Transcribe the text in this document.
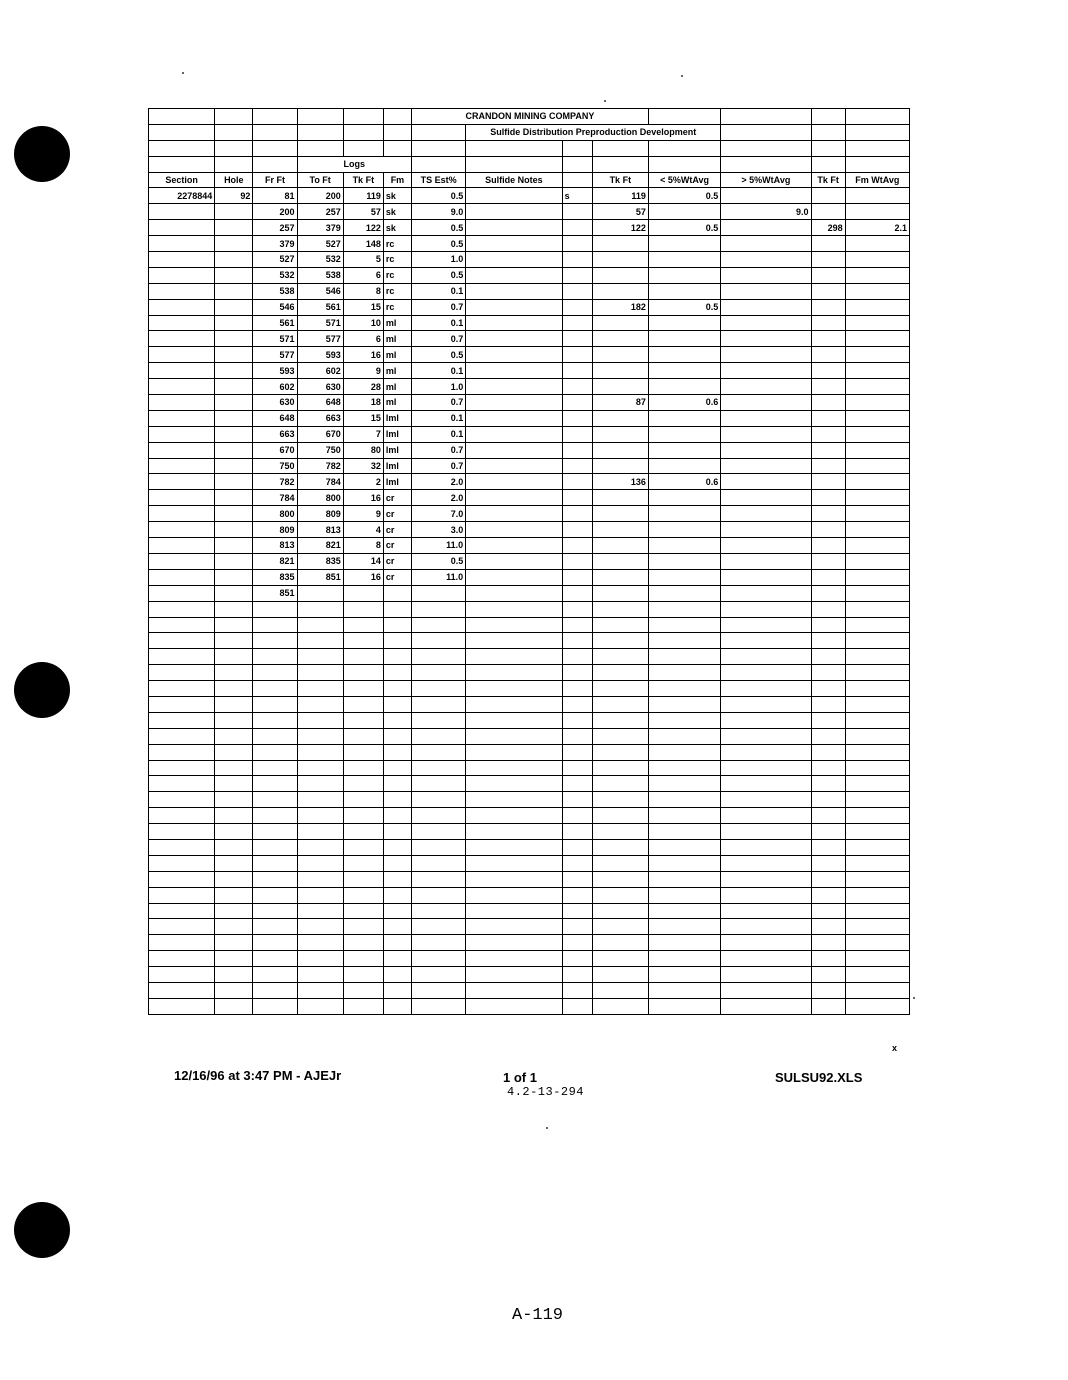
						CRANDON MINING COMPANY							
							Sulfide Distribution Preproduction Development						

			Logs										
Section	Hole	Fr Ft	To Ft	Tk Ft	Fm	TS Est%	Sulfide Notes		Tk Ft	< 5%WtAvg	> 5%WtAvg	Tk Ft	Fm WtAvg
2278844	92	81	200	119	sk	0.5		s	119	0.5			
		200	257	57	sk	9.0			57		9.0		
		257	379	122	sk	0.5			122	0.5		298	2.1
		379	527	148	rc	0.5							
		527	532	5	rc	1.0							
		532	538	6	rc	0.5							
		538	546	8	rc	0.1							
		546	561	15	rc	0.7			182	0.5			
		561	571	10	ml	0.1							
		571	577	6	ml	0.7							
		577	593	16	ml	0.5							
		593	602	9	ml	0.1							
		602	630	28	ml	1.0							
		630	648	18	ml	0.7			87	0.6			
		648	663	15	lml	0.1							
		663	670	7	lml	0.1							
		670	750	80	lml	0.7							
		750	782	32	lml	0.7							
		782	784	2	lml	2.0			136	0.6			
		784	800	16	cr	2.0							
		800	809	9	cr	7.0							
		809	813	4	cr	3.0							
		813	821	8	cr	11.0							
		821	835	14	cr	0.5							
		835	851	16	cr	11.0							
		851											

12/16/96 at 3:47 PM - AJEJr	1 of 1	SULSU92.XLS
4.2-13-294
x
A-119
